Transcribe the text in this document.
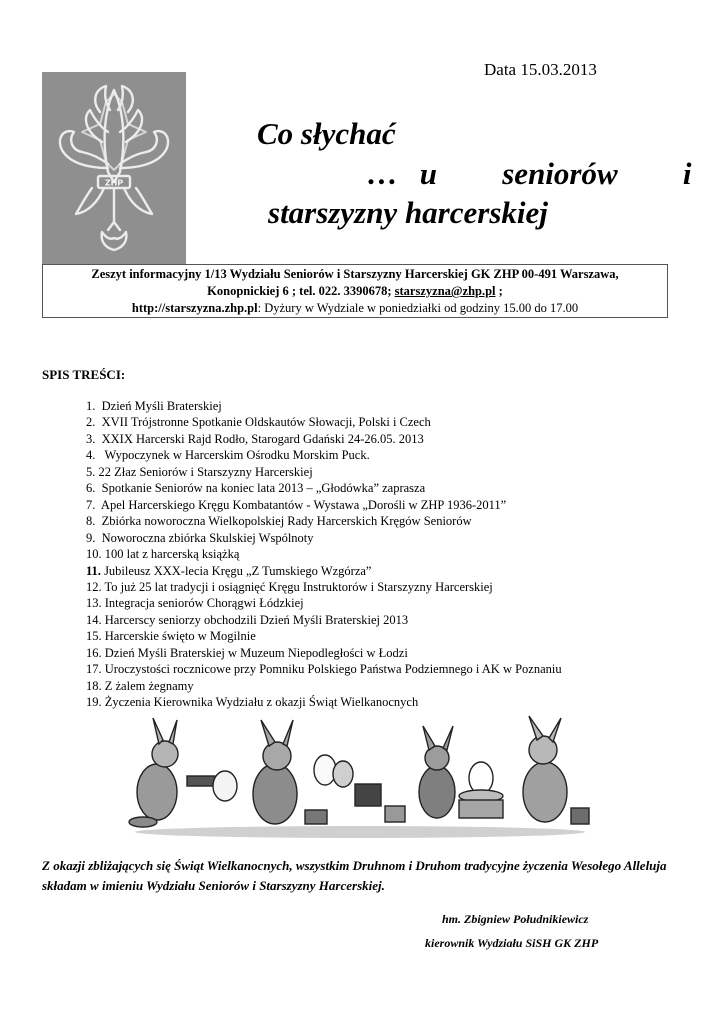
Data 15.03.2013
ZHP
Co słychać
… u   seniorów   i
starszyzny harcerskiej
Zeszyt informacyjny 1/13 Wydziału Seniorów i Starszyzny Harcerskiej GK ZHP 00-491 Warszawa,
Konopnickiej 6 ; tel. 022. 3390678; starszyzna@zhp.pl ;
http://starszyzna.zhp.pl: Dyżury w Wydziale w poniedziałki od godziny 15.00 do 17.00
SPIS TREŚCI:
1.  Dzień Myśli Braterskiej
2.  XVII Trójstronne Spotkanie Oldskautów Słowacji, Polski i Czech
3.  XXIX Harcerski Rajd Rodło, Starogard Gdański 24-26.05. 2013
4.   Wypoczynek w Harcerskim Ośrodku Morskim Puck.
5. 22 Złaz Seniorów i Starszyzny Harcerskiej
6.  Spotkanie Seniorów na koniec lata 2013 – „Głodówka” zaprasza
7.  Apel Harcerskiego Kręgu Kombatantów - Wystawa „Dorośli w ZHP 1936-2011”
8.  Zbiórka noworoczna Wielkopolskiej Rady Harcerskich Kręgów Seniorów
9.  Noworoczna zbiórka Skulskiej Wspólnoty
10. 100 lat z harcerską książką
11. Jubileusz XXX-lecia Kręgu „Z Tumskiego Wzgórza”
12. To już 25 lat tradycji i osiągnięć Kręgu Instruktorów i Starszyzny Harcerskiej
13. Integracja seniorów Chorągwi Łódzkiej
14. Harcerscy seniorzy obchodzili Dzień Myśli Braterskiej 2013
15. Harcerskie święto w Mogilnie
16. Dzień Myśli Braterskiej w Muzeum Niepodległości w Łodzi
17. Uroczystości rocznicowe przy Pomniku Polskiego Państwa Podziemnego i AK w Poznaniu
18. Z żalem żegnamy
19. Życzenia Kierownika Wydziału z okazji Świąt Wielkanocnych
Z okazji zbliżających się Świąt Wielkanocnych, wszystkim Druhnom i Druhom tradycyjne życzenia Wesołego Alleluja składam w imieniu Wydziału Seniorów i Starszyzny Harcerskiej.
hm. Zbigniew Południkiewicz
kierownik Wydziału SiSH GK ZHP
